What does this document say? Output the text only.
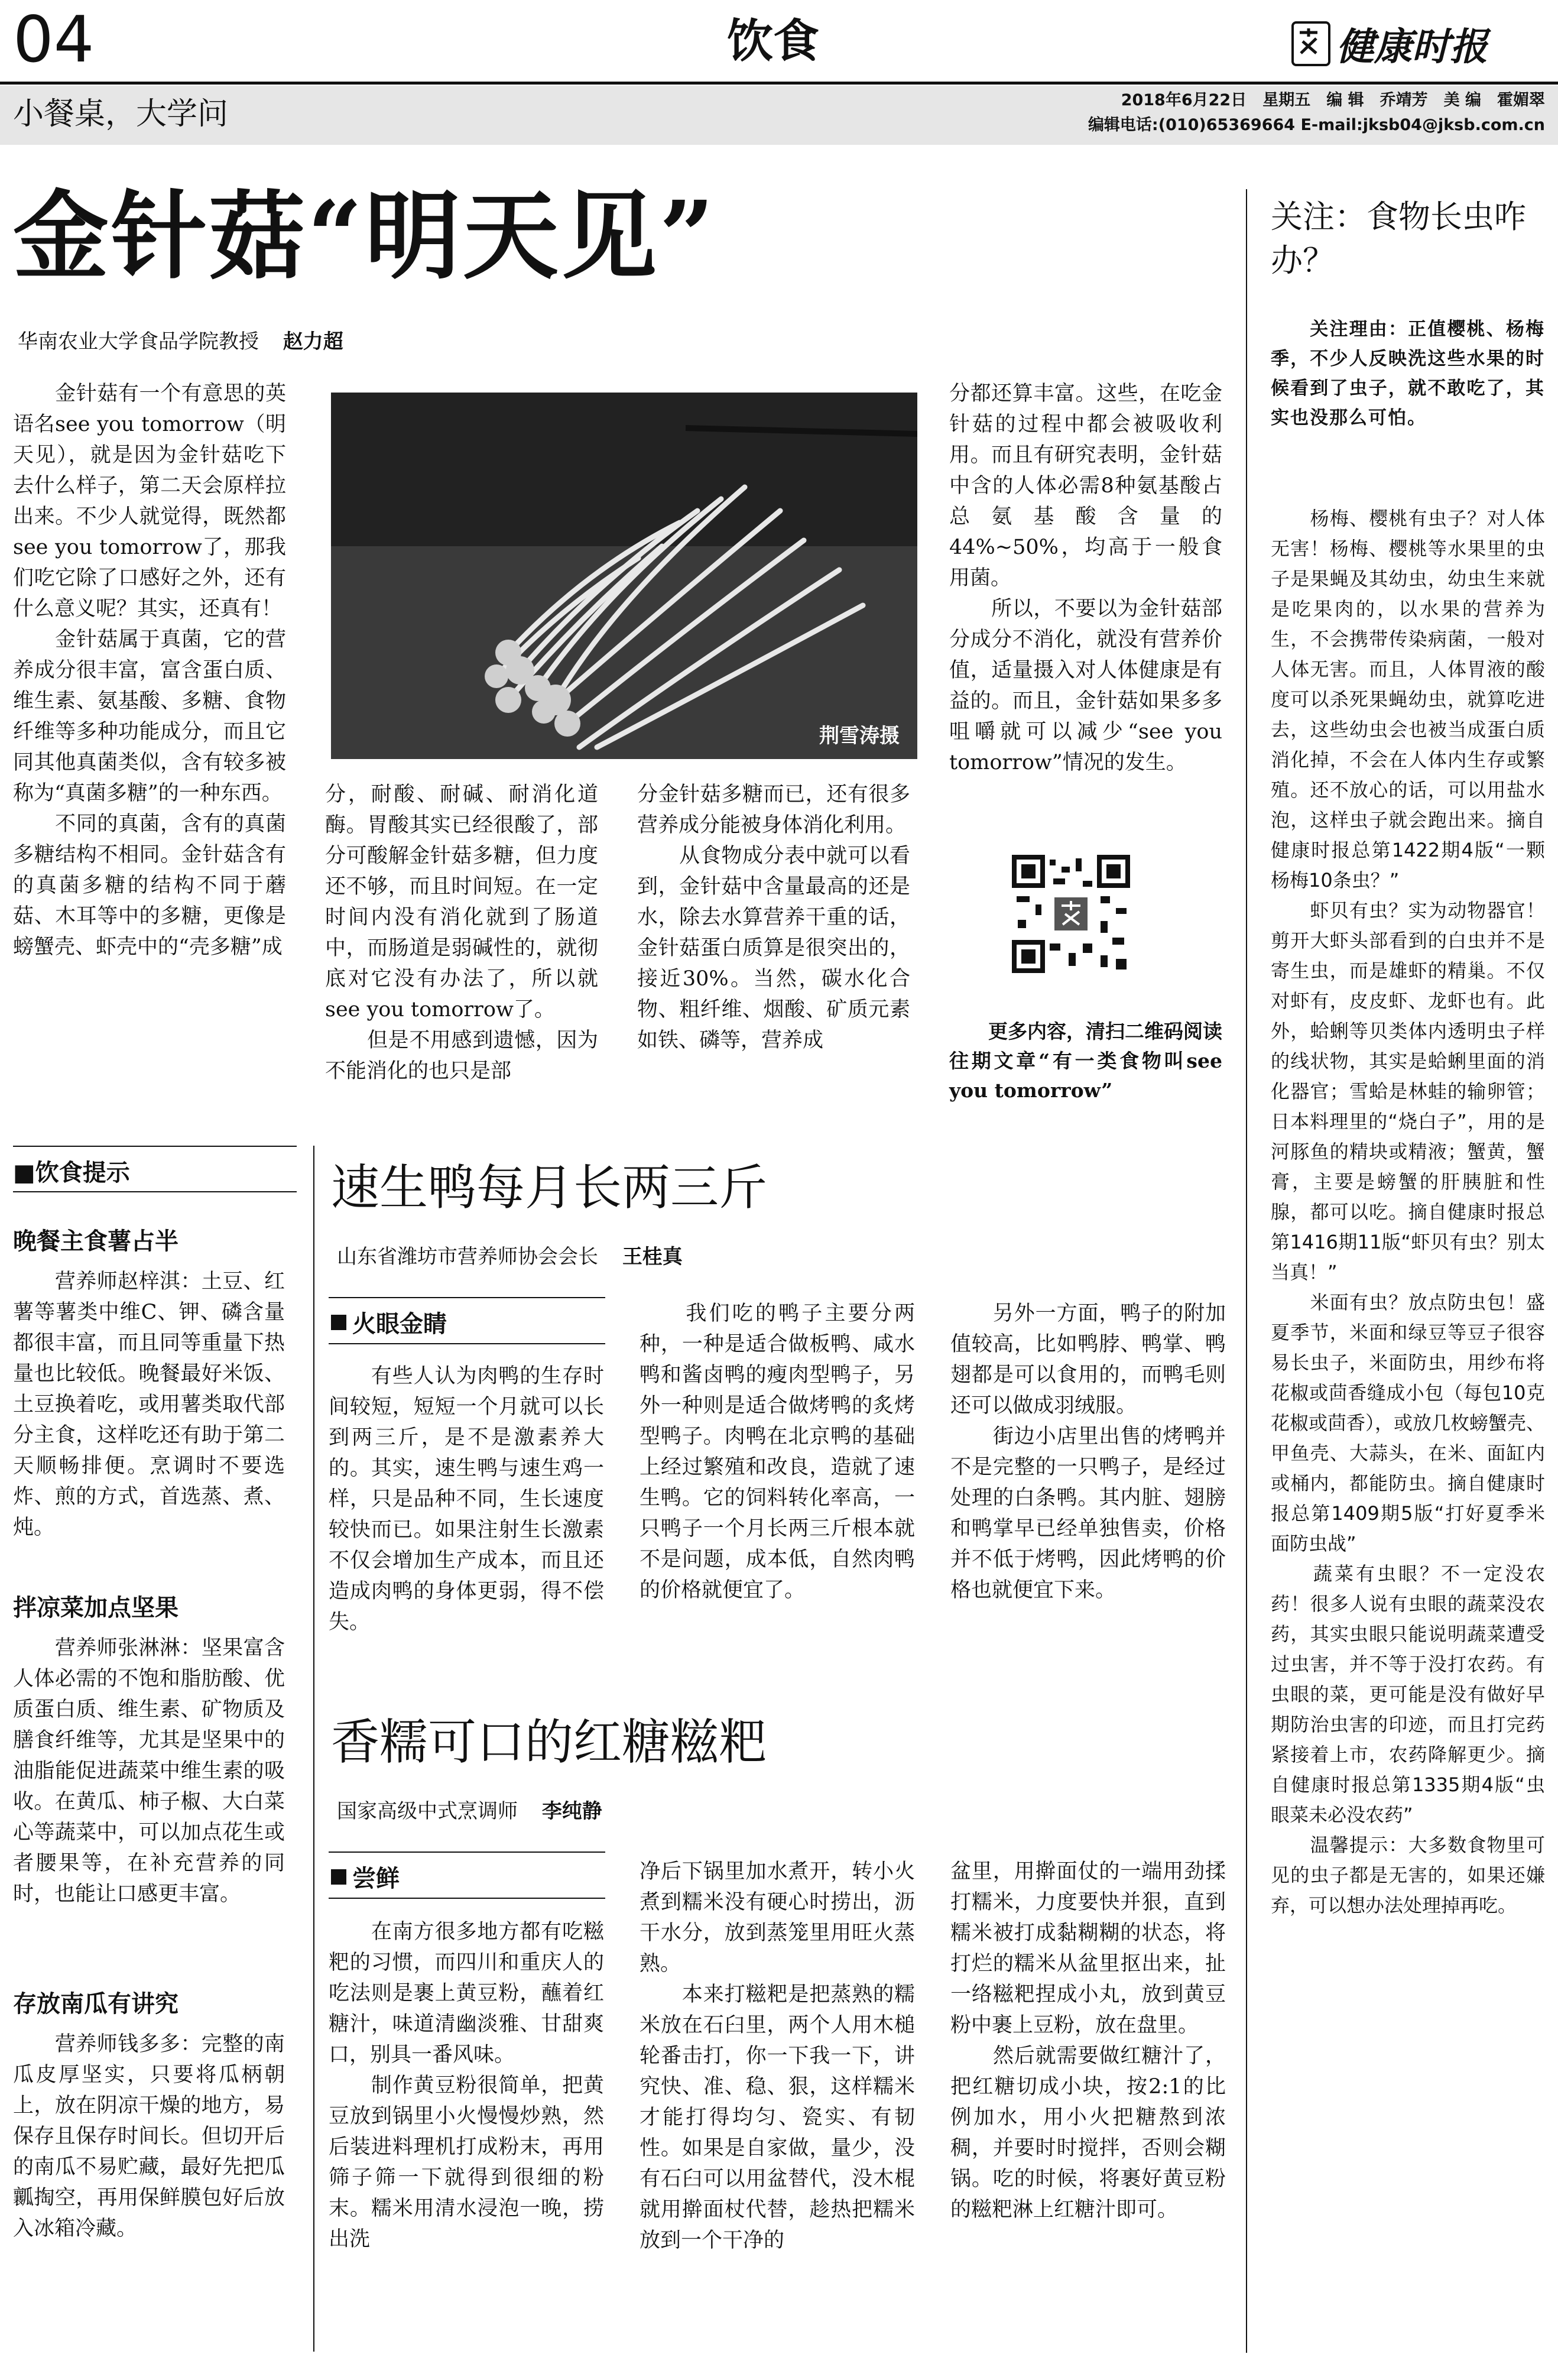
04	饮食	健康时报
小餐桌，大学问	2018年6月22日　星期五　编 辑　乔靖芳　美 编　霍媚翠
编辑电话:(010)65369664 E-mail:jksb04@jksb.com.cn
金针菇“明天见”
华南农业大学食品学院教授 赵力超

　　金针菇有一个有意思的英语名see you tomorrow（明天见），就是因为金针菇吃下去什么样子，第二天会原样拉出来。不少人就觉得，既然都see you tomorrow了，那我们吃它除了口感好之外，还有什么意义呢？其实，还真有！
　　金针菇属于真菌，它的营养成分很丰富，富含蛋白质、维生素、氨基酸、多糖、食物纤维等多种功能成分，而且它同其他真菌类似，含有较多被称为“真菌多糖”的一种东西。
　　不同的真菌，含有的真菌多糖结构不相同。金针菇含有的真菌多糖的结构不同于蘑菇、木耳等中的多糖，更像是螃蟹壳、虾壳中的“壳多糖”成

荆雪涛摄

分，耐酸、耐碱、耐消化道酶。胃酸其实已经很酸了，部分可酸解金针菇多糖，但力度还不够，而且时间短。在一定时间内没有消化就到了肠道中，而肠道是弱碱性的，就彻底对它没有办法了，所以就see you tomorrow了。
　　但是不用感到遗憾，因为不能消化的也只是部

分金针菇多糖而已，还有很多营养成分能被身体消化利用。
　　从食物成分表中就可以看到，金针菇中含量最高的还是水，除去水算营养干重的话，金针菇蛋白质算是很突出的，接近30%。当然，碳水化合物、粗纤维、烟酸、矿质元素如铁、磷等，营养成

分都还算丰富。这些，在吃金针菇的过程中都会被吸收利用。而且有研究表明，金针菇中含的人体必需8种氨基酸占总氨基酸含量的44%~50%，均高于一般食用菌。
　　所以，不要以为金针菇部分成分不消化，就没有营养价值，适量摄入对人体健康是有益的。而且，金针菇如果多多咀嚼就可以减少“see you tomorrow”情况的发生。

　　更多内容，清扫二维码阅读往期文章“有一类食物叫see you tomorrow”

■饮食提示
晚餐主食薯占半

　　营养师赵梓淇：土豆、红薯等薯类中维C、钾、磷含量都很丰富，而且同等重量下热量也比较低。晚餐最好米饭、土豆换着吃，或用薯类取代部分主食，这样吃还有助于第二天顺畅排便。烹调时不要选炸、煎的方式，首选蒸、煮、炖。

拌凉菜加点坚果

　　营养师张淋淋：坚果富含人体必需的不饱和脂肪酸、优质蛋白质、维生素、矿物质及膳食纤维等，尤其是坚果中的油脂能促进蔬菜中维生素的吸收。在黄瓜、柿子椒、大白菜心等蔬菜中，可以加点花生或者腰果等，在补充营养的同时，也能让口感更丰富。

存放南瓜有讲究

　　营养师钱多多：完整的南瓜皮厚坚实，只要将瓜柄朝上，放在阴凉干燥的地方，易保存且保存时间长。但切开后的南瓜不易贮藏，最好先把瓜瓤掏空，再用保鲜膜包好后放入冰箱冷藏。

速生鸭每月长两三斤
山东省潍坊市营养师协会会长 王桂真
火眼金睛

　　有些人认为肉鸭的生存时间较短，短短一个月就可以长到两三斤，是不是激素养大的。其实，速生鸭与速生鸡一样，只是品种不同，生长速度较快而已。如果注射生长激素不仅会增加生产成本，而且还造成肉鸭的身体更弱，得不偿失。

　　我们吃的鸭子主要分两种，一种是适合做板鸭、咸水鸭和酱卤鸭的瘦肉型鸭子，另外一种则是适合做烤鸭的炙烤型鸭子。肉鸭在北京鸭的基础上经过繁殖和改良，造就了速生鸭。它的饲料转化率高，一只鸭子一个月长两三斤根本就不是问题，成本低，自然肉鸭的价格就便宜了。

　　另外一方面，鸭子的附加值较高，比如鸭脖、鸭掌、鸭翅都是可以食用的，而鸭毛则还可以做成羽绒服。
　　街边小店里出售的烤鸭并不是完整的一只鸭子，是经过处理的白条鸭。其内脏、翅膀和鸭掌早已经单独售卖，价格并不低于烤鸭，因此烤鸭的价格也就便宜下来。

香糯可口的红糖糍粑
国家高级中式烹调师 李纯静
尝鲜

　　在南方很多地方都有吃糍粑的习惯，而四川和重庆人的吃法则是裹上黄豆粉，蘸着红糖汁，味道清幽淡雅、甘甜爽口，别具一番风味。
　　制作黄豆粉很简单，把黄豆放到锅里小火慢慢炒熟，然后装进料理机打成粉末，再用筛子筛一下就得到很细的粉末。糯米用清水浸泡一晚，捞出洗

净后下锅里加水煮开，转小火煮到糯米没有硬心时捞出，沥干水分，放到蒸笼里用旺火蒸熟。
　　本来打糍粑是把蒸熟的糯米放在石臼里，两个人用木槌轮番击打，你一下我一下，讲究快、准、稳、狠，这样糯米才能打得均匀、瓷实、有韧性。如果是自家做，量少，没有石臼可以用盆替代，没木棍就用擀面杖代替，趁热把糯米放到一个干净的

盆里，用擀面仗的一端用劲揉打糯米，力度要快并狠，直到糯米被打成黏糊糊的状态，将打烂的糯米从盆里抠出来，扯一络糍粑捏成小丸，放到黄豆粉中裹上豆粉，放在盘里。
　　然后就需要做红糖汁了，把红糖切成小块，按2:1的比例加水，用小火把糖熬到浓稠，并要时时搅拌，否则会糊锅。吃的时候，将裹好黄豆粉的糍粑淋上红糖汁即可。

关注：食物长虫咋办？

　　关注理由：正值樱桃、杨梅季，不少人反映洗这些水果的时候看到了虫子，就不敢吃了，其实也没那么可怕。

　　杨梅、樱桃有虫子？对人体无害！杨梅、樱桃等水果里的虫子是果蝇及其幼虫，幼虫生来就是吃果肉的，以水果的营养为生，不会携带传染病菌，一般对人体无害。而且，人体胃液的酸度可以杀死果蝇幼虫，就算吃进去，这些幼虫会也被当成蛋白质消化掉，不会在人体内生存或繁殖。还不放心的话，可以用盐水泡，这样虫子就会跑出来。摘自健康时报总第1422期4版“一颗杨梅10条虫？”
　　虾贝有虫？实为动物器官！剪开大虾头部看到的白虫并不是寄生虫，而是雄虾的精巢。不仅对虾有，皮皮虾、龙虾也有。此外，蛤蜊等贝类体内透明虫子样的线状物，其实是蛤蜊里面的消化器官；雪蛤是林蛙的输卵管；日本料理里的“烧白子”，用的是河豚鱼的精块或精液；蟹黄，蟹膏，主要是螃蟹的肝胰脏和性腺，都可以吃。摘自健康时报总第1416期11版“虾贝有虫？别太当真！”
　　米面有虫？放点防虫包！盛夏季节，米面和绿豆等豆子很容易长虫子，米面防虫，用纱布将花椒或茴香缝成小包（每包10克花椒或茴香），或放几枚螃蟹壳、甲鱼壳、大蒜头，在米、面缸内或桶内，都能防虫。摘自健康时报总第1409期5版“打好夏季米面防虫战”
　　蔬菜有虫眼？不一定没农药！很多人说有虫眼的蔬菜没农药，其实虫眼只能说明蔬菜遭受过虫害，并不等于没打农药。有虫眼的菜，更可能是没有做好早期防治虫害的印迹，而且打完药紧接着上市，农药降解更少。摘自健康时报总第1335期4版“虫眼菜未必没农药”
　　温馨提示：大多数食物里可见的虫子都是无害的，如果还嫌弃，可以想办法处理掉再吃。
